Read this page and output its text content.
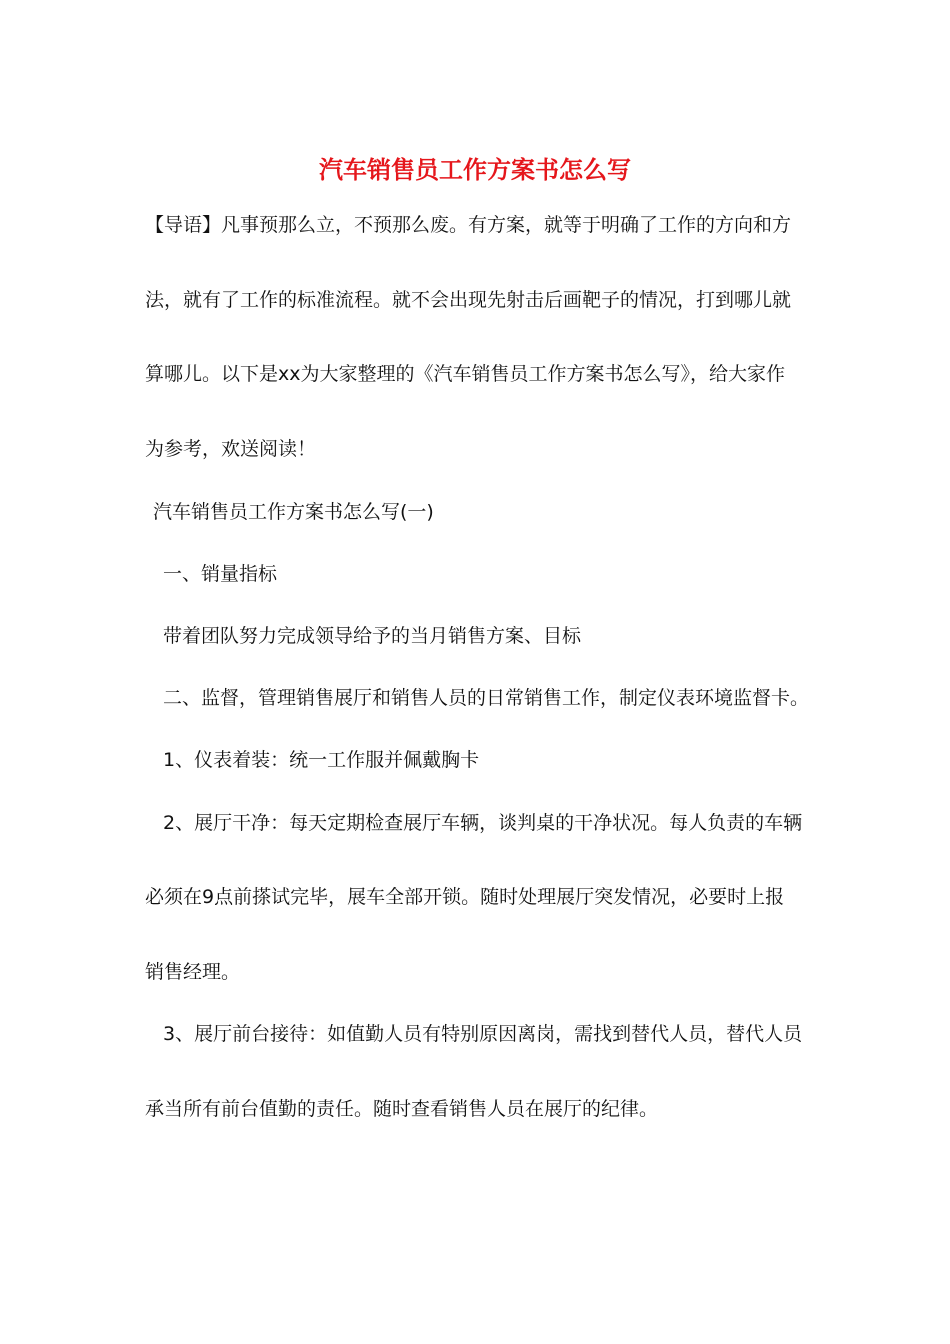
汽车销售员工作方案书怎么写
【导语】凡事预那么立，不预那么废。有方案，就等于明确了工作的方向和方
法，就有了工作的标准流程。就不会出现先射击后画靶子的情况，打到哪儿就
算哪儿。以下是xx为大家整理的《汽车销售员工作方案书怎么写》，给大家作
为参考，欢送阅读！
汽车销售员工作方案书怎么写(一)
一、销量指标
带着团队努力完成领导给予的当月销售方案、目标
二、监督，管理销售展厅和销售人员的日常销售工作，制定仪表环境监督卡。
1、仪表着装：统一工作服并佩戴胸卡
2、展厅干净：每天定期检查展厅车辆，谈判桌的干净状况。每人负责的车辆
必须在9点前搽试完毕，展车全部开锁。随时处理展厅突发情况，必要时上报
销售经理。
3、展厅前台接待：如值勤人员有特别原因离岗，需找到替代人员，替代人员
承当所有前台值勤的责任。随时查看销售人员在展厅的纪律。
